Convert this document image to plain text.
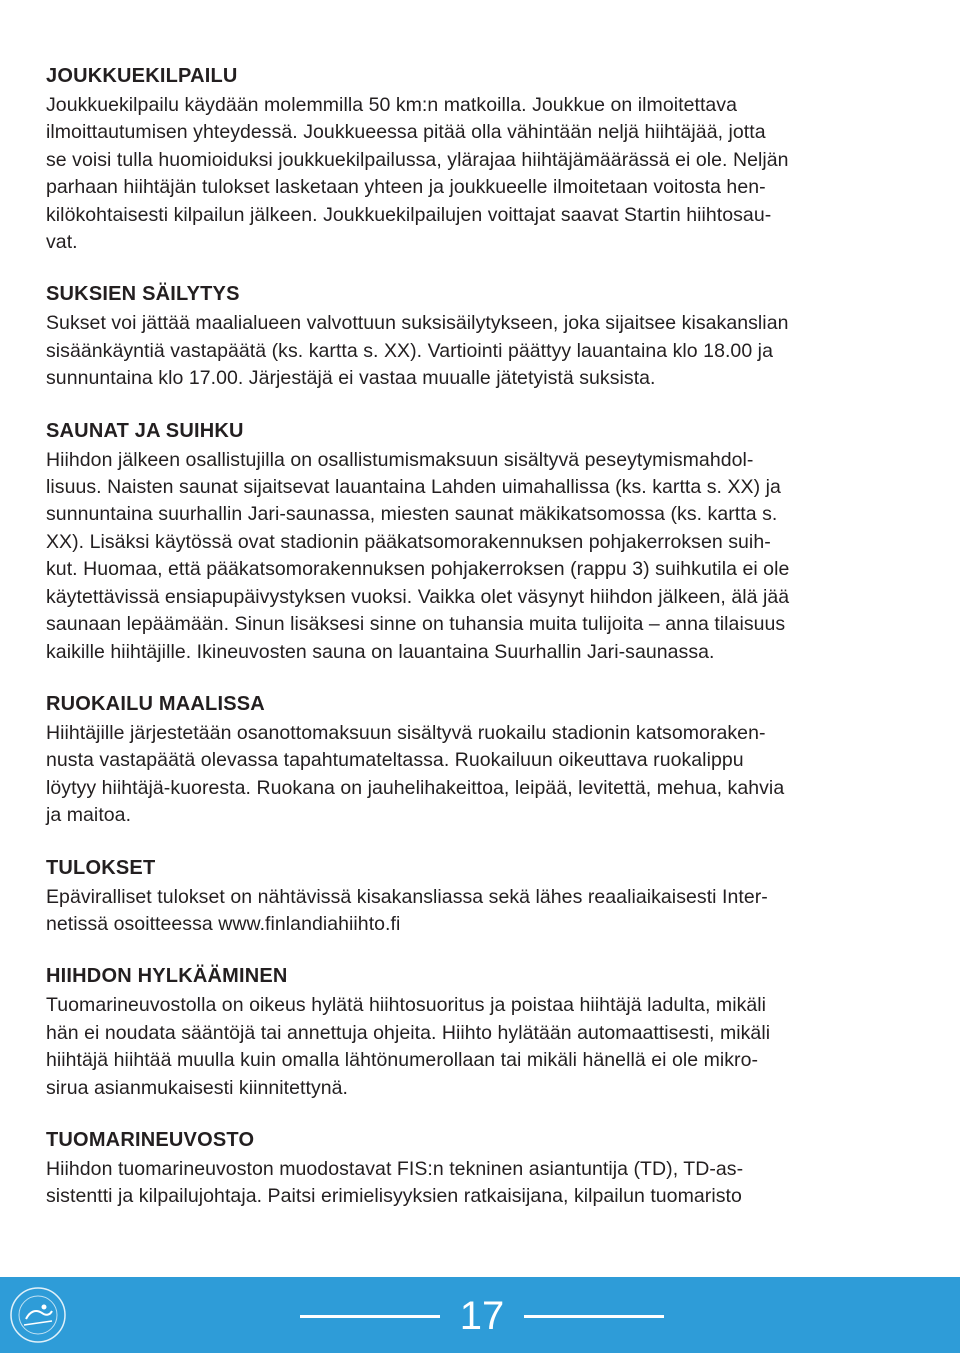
JOUKKUEKILPAILU

Joukkuekilpailu käydään molemmilla 50 km:n matkoilla. Joukkue on ilmoitettava
ilmoittautumisen yhteydessä. Joukkueessa pitää olla vähintään neljä hiihtäjää, jotta
se voisi tulla huomioiduksi joukkuekilpailussa, ylärajaa hiihtäjämäärässä ei ole. Neljän
parhaan hiihtäjän tulokset lasketaan yhteen ja joukkueelle ilmoitetaan voitosta hen-
kilökohtaisesti kilpailun jälkeen. Joukkuekilpailujen voittajat saavat Startin hiihtosau-
vat.

SUKSIEN SÄILYTYS

Sukset voi jättää maalialueen valvottuun suksisäilytykseen, joka sijaitsee kisakanslian
sisäänkäyntiä vastapäätä (ks. kartta s. XX). Vartiointi päättyy lauantaina klo 18.00 ja
sunnuntaina klo 17.00. Järjestäjä ei vastaa muualle jätetyistä suksista.

SAUNAT JA SUIHKU

Hiihdon jälkeen osallistujilla on osallistumismaksuun sisältyvä peseytymismahdol-
lisuus. Naisten saunat sijaitsevat lauantaina Lahden uimahallissa (ks. kartta s. XX) ja
sunnuntaina suurhallin Jari-saunassa, miesten saunat mäkikatsomossa (ks. kartta s.
XX). Lisäksi käytössä ovat stadionin pääkatsomorakennuksen pohjakerroksen suih-
kut. Huomaa, että pääkatsomorakennuksen pohjakerroksen (rappu 3) suihkutila ei ole
käytettävissä ensiapupäivystyksen vuoksi. Vaikka olet väsynyt hiihdon jälkeen, älä jää
saunaan lepäämään. Sinun lisäksesi sinne on tuhansia muita tulijoita – anna tilaisuus
kaikille hiihtäjille. Ikineuvosten sauna on lauantaina Suurhallin Jari-saunassa.

RUOKAILU MAALISSA

Hiihtäjille järjestetään osanottomaksuun sisältyvä ruokailu stadionin katsomoraken-
nusta vastapäätä olevassa tapahtumateltassa. Ruokailuun oikeuttava ruokalippu
löytyy hiihtäjä-kuoresta. Ruokana on jauhelihakeittoa, leipää, levitettä, mehua, kahvia
ja maitoa.

TULOKSET

Epäviralliset tulokset on nähtävissä kisakansliassa sekä lähes reaaliaikaisesti Inter-
netissä osoitteessa www.finlandiahiihto.fi

HIIHDON HYLKÄÄMINEN

Tuomarineuvostolla on oikeus hylätä hiihtosuoritus ja poistaa hiihtäjä ladulta, mikäli
hän ei noudata sääntöjä tai annettuja ohjeita. Hiihto hylätään automaattisesti, mikäli
hiihtäjä hiihtää muulla kuin omalla lähtönumerollaan tai mikäli hänellä ei ole mikro-
sirua asianmukaisesti kiinnitettynä.

TUOMARINEUVOSTO

Hiihdon tuomarineuvoston muodostavat FIS:n tekninen asiantuntija (TD), TD-as-
sistentti ja kilpailujohtaja. Paitsi erimielisyyksien ratkaisijana, kilpailun tuomaristo

17
